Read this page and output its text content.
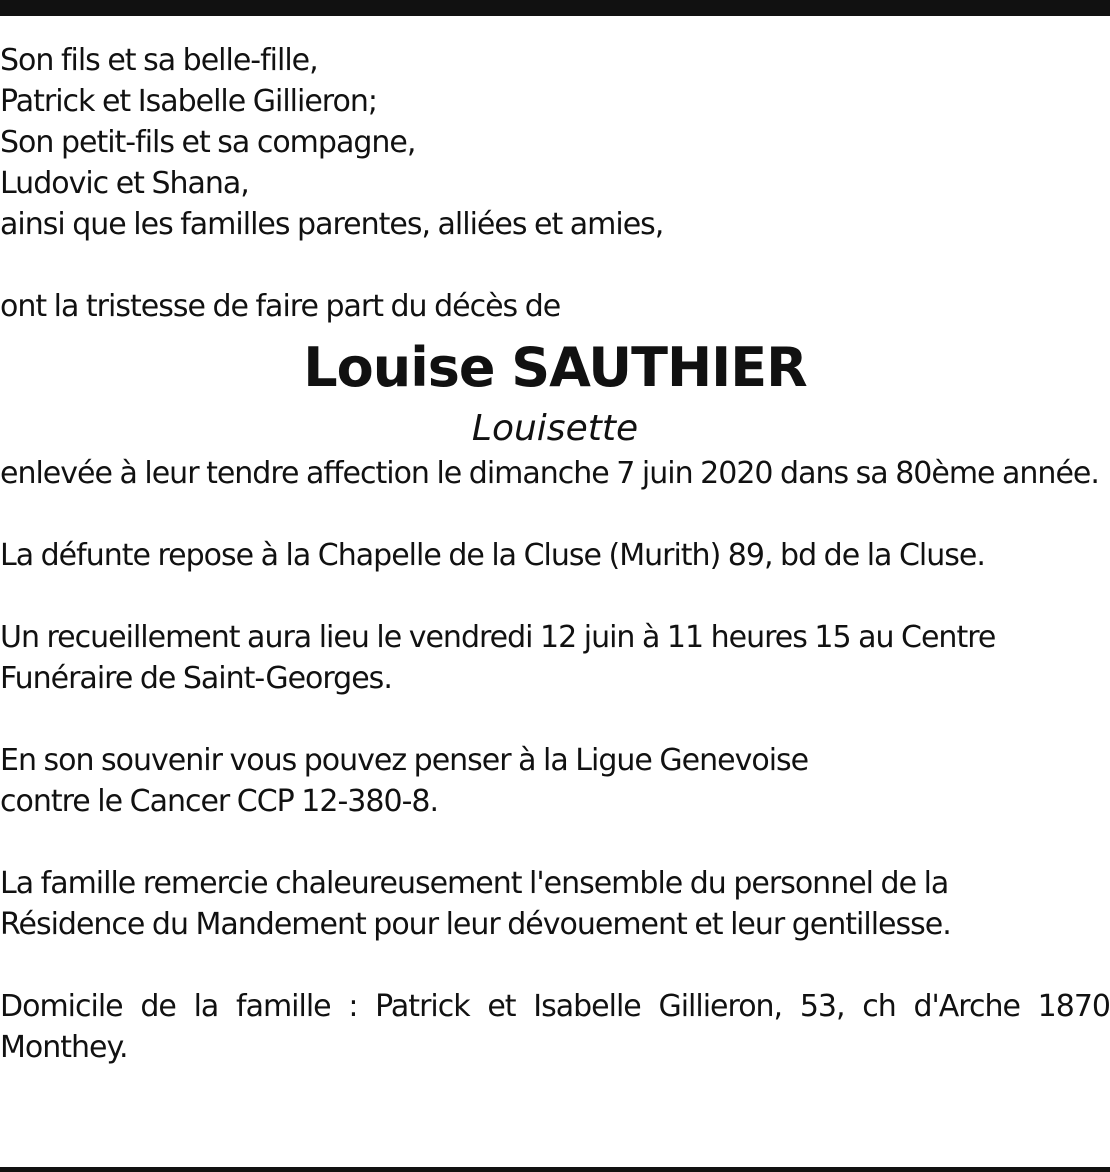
Son fils et sa belle-fille,
Patrick et Isabelle Gillieron;
Son petit-fils et sa compagne,
Ludovic et Shana,
ainsi que les familles parentes, alliées et amies,
ont la tristesse de faire part du décès de
Louise SAUTHIER
Louisette
enlevée à leur tendre affection le dimanche 7 juin 2020 dans sa 80ème année.
La défunte repose à la Chapelle de la Cluse (Murith) 89, bd de la Cluse.
Un recueillement aura lieu le vendredi 12 juin à 11 heures 15 au Centre
Funéraire de Saint-Georges.
En son souvenir vous pouvez penser à la Ligue Genevoise
contre le Cancer CCP 12-380-8.
La famille remercie chaleureusement l'ensemble du personnel de la
Résidence du Mandement pour leur dévouement et leur gentillesse.
Domicile de la famille : Patrick et Isabelle Gillieron, 53, ch d'Arche 1870 Monthey.
